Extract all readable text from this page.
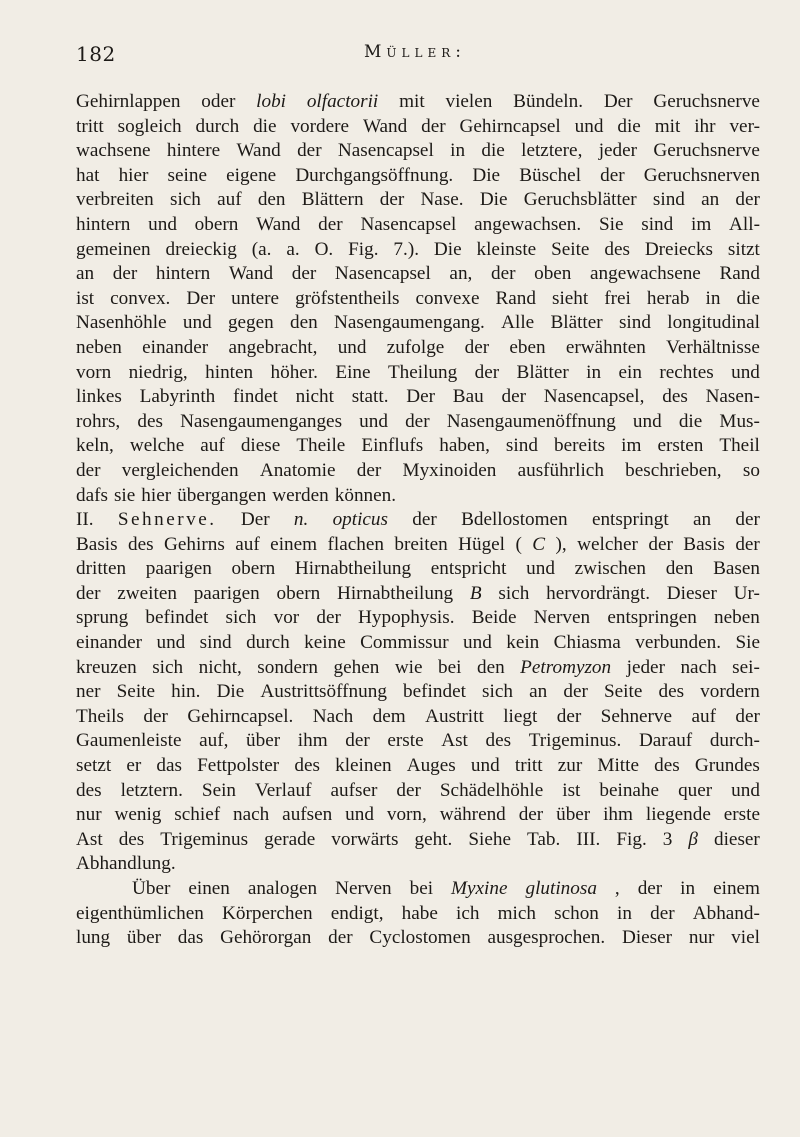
182	Müller:
Gehirnlappen oder lobi olfactorii mit vielen Bündeln. Der Geruchsnerve
tritt sogleich durch die vordere Wand der Gehirncapsel und die mit ihr ver-
wachsene hintere Wand der Nasencapsel in die letztere, jeder Geruchsnerve
hat hier seine eigene Durchgangsöffnung. Die Büschel der Geruchsnerven
verbreiten sich auf den Blättern der Nase. Die Geruchsblätter sind an der
hintern und obern Wand der Nasencapsel angewachsen. Sie sind im All-
gemeinen dreieckig (a. a. O. Fig. 7.). Die kleinste Seite des Dreiecks sitzt
an der hintern Wand der Nasencapsel an, der oben angewachsene Rand
ist convex. Der untere gröfstentheils convexe Rand sieht frei herab in die
Nasenhöhle und gegen den Nasengaumengang. Alle Blätter sind longitudinal
neben einander angebracht, und zufolge der eben erwähnten Verhältnisse
vorn niedrig, hinten höher. Eine Theilung der Blätter in ein rechtes und
linkes Labyrinth findet nicht statt. Der Bau der Nasencapsel, des Nasen-
rohrs, des Nasengaumenganges und der Nasengaumenöffnung und die Mus-
keln, welche auf diese Theile Einflufs haben, sind bereits im ersten Theil
der vergleichenden Anatomie der Myxinoiden ausführlich beschrieben, so
dafs sie hier übergangen werden können.
II. Sehnerve. Der n. opticus der Bdellostomen entspringt an der
Basis des Gehirns auf einem flachen breiten Hügel ( C ), welcher der Basis der
dritten paarigen obern Hirnabtheilung entspricht und zwischen den Basen
der zweiten paarigen obern Hirnabtheilung B sich hervordrängt. Dieser Ur-
sprung befindet sich vor der Hypophysis. Beide Nerven entspringen neben
einander und sind durch keine Commissur und kein Chiasma verbunden. Sie
kreuzen sich nicht, sondern gehen wie bei den Petromyzon jeder nach sei-
ner Seite hin. Die Austrittsöffnung befindet sich an der Seite des vordern
Theils der Gehirncapsel. Nach dem Austritt liegt der Sehnerve auf der
Gaumenleiste auf, über ihm der erste Ast des Trigeminus. Darauf durch-
setzt er das Fettpolster des kleinen Auges und tritt zur Mitte des Grundes
des letztern. Sein Verlauf aufser der Schädelhöhle ist beinahe quer und
nur wenig schief nach aufsen und vorn, während der über ihm liegende erste
Ast des Trigeminus gerade vorwärts geht. Siehe Tab. III. Fig. 3 β dieser
Abhandlung.
Über einen analogen Nerven bei Myxine glutinosa , der in einem
eigenthümlichen Körperchen endigt, habe ich mich schon in der Abhand-
lung über das Gehörorgan der Cyclostomen ausgesprochen. Dieser nur viel
